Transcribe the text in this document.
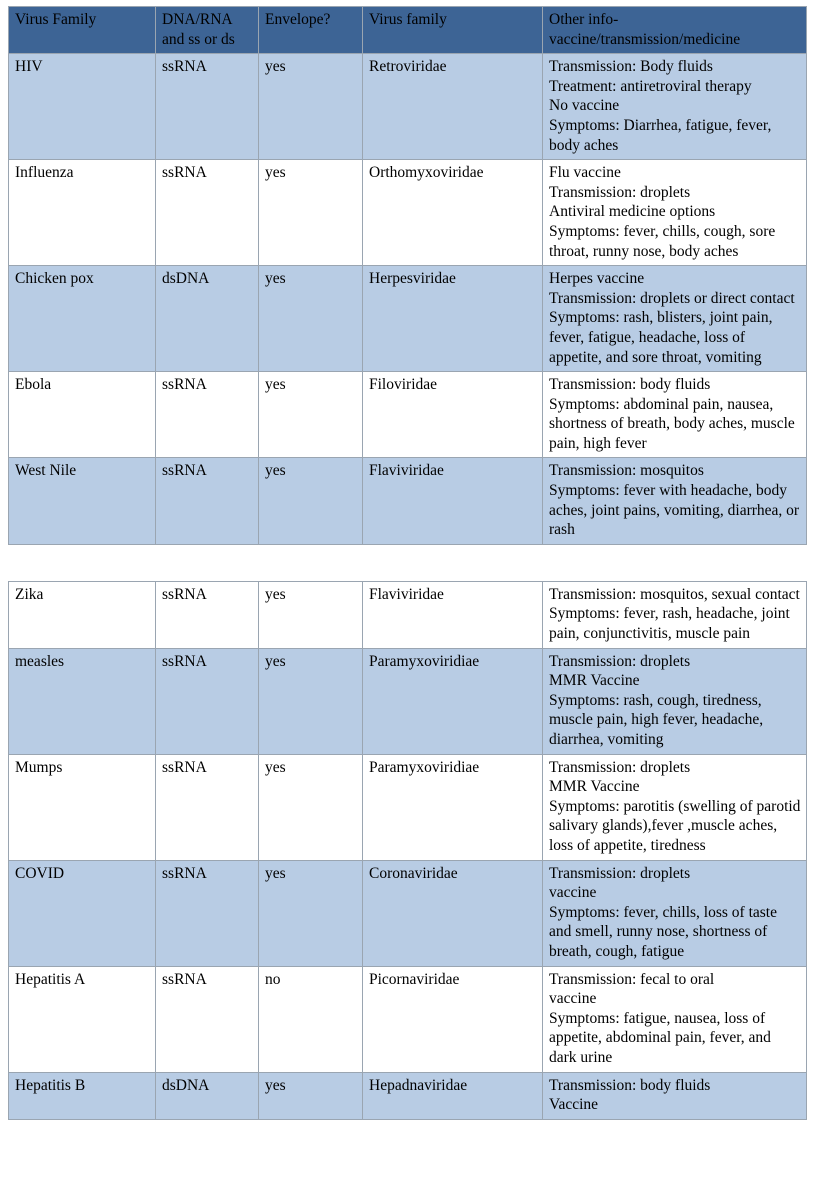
Virus Family	DNA/RNA and ss or ds	Envelope?	Virus family	Other info-vaccine/transmission/medicine

HIV	ssRNA	yes	Retroviridae	Transmission: Body fluids
Treatment: antiretroviral therapy
No vaccine
Symptoms: Diarrhea, fatigue, fever, body aches

Influenza	ssRNA	yes	Orthomyxoviridae	Flu vaccine
Transmission: droplets
Antiviral medicine options
Symptoms: fever, chills, cough, sore throat, runny nose, body aches

Chicken pox	dsDNA	yes	Herpesviridae	Herpes vaccine
Transmission: droplets or direct contact
Symptoms: rash, blisters, joint pain, fever, fatigue, headache, loss of appetite, and sore throat, vomiting

Ebola	ssRNA	yes	Filoviridae	Transmission: body fluids
Symptoms: abdominal pain, nausea, shortness of breath, body aches, muscle pain, high fever

West Nile	ssRNA	yes	Flaviviridae	Transmission: mosquitos
Symptoms: fever with headache, body aches, joint pains, vomiting, diarrhea, or rash
Zika	ssRNA	yes	Flaviviridae	Transmission: mosquitos, sexual contact
Symptoms: fever, rash, headache, joint pain, conjunctivitis, muscle pain

measles	ssRNA	yes	Paramyxoviridiae	Transmission: droplets
MMR Vaccine
Symptoms: rash, cough, tiredness, muscle pain, high fever, headache, diarrhea, vomiting

Mumps	ssRNA	yes	Paramyxoviridiae	Transmission: droplets
MMR Vaccine
Symptoms: parotitis (swelling of parotid salivary glands),fever ,muscle aches, loss of appetite, tiredness

COVID	ssRNA	yes	Coronaviridae	Transmission: droplets
vaccine
Symptoms: fever, chills, loss of taste and smell, runny nose, shortness of breath, cough, fatigue

Hepatitis A	ssRNA	no	Picornaviridae	Transmission: fecal to oral
vaccine
Symptoms: fatigue, nausea, loss of appetite, abdominal pain, fever, and dark urine

Hepatitis B	dsDNA	yes	Hepadnaviridae	Transmission: body fluids
Vaccine
